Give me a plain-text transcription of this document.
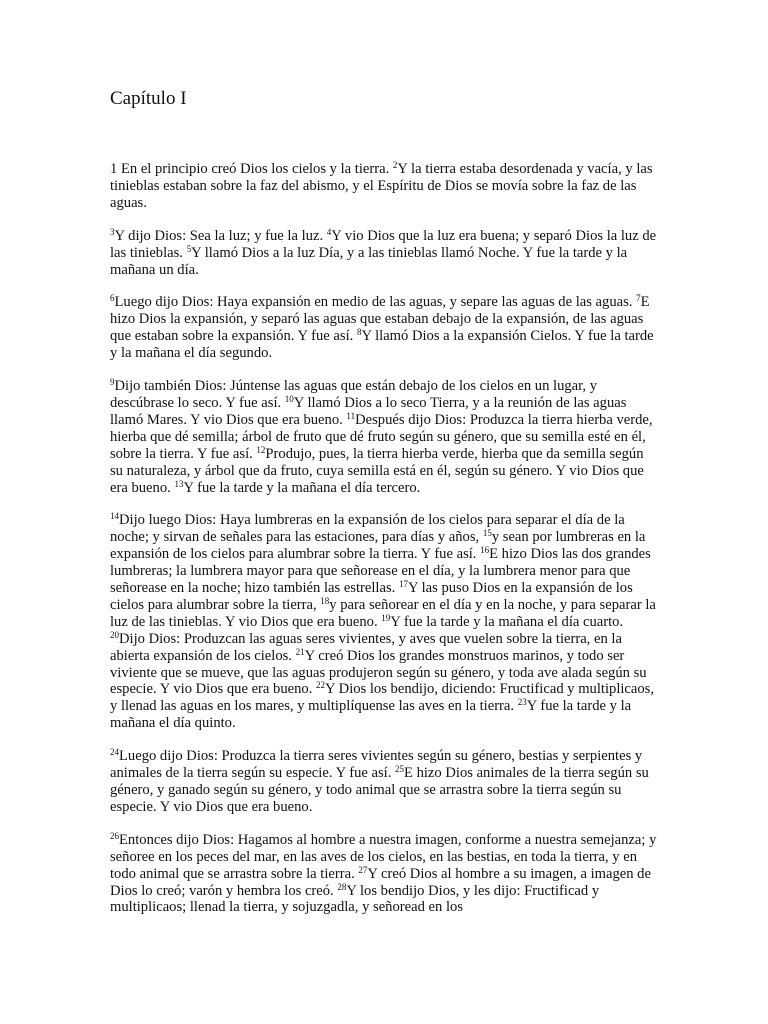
Capítulo I

1 En el principio creó Dios los cielos y la tierra. $^2$Y la tierra estaba desordenada y vacía, y las tinieblas estaban sobre la faz del abismo, y el Espíritu de Dios se movía sobre la faz de las aguas.

$^3$Y dijo Dios: Sea la luz; y fue la luz. $^4$Y vio Dios que la luz era buena; y separó Dios la luz de las tinieblas. $^5$Y llamó Dios a la luz Día, y a las tinieblas llamó Noche. Y fue la tarde y la mañana un día.

$^6$Luego dijo Dios: Haya expansión en medio de las aguas, y separe las aguas de las aguas. $^7$E hizo Dios la expansión, y separó las aguas que estaban debajo de la expansión, de las aguas que estaban sobre la expansión. Y fue así. $^8$Y llamó Dios a la expansión Cielos. Y fue la tarde y la mañana el día segundo.

$^9$Dijo también Dios: Júntense las aguas que están debajo de los cielos en un lugar, y descúbrase lo seco. Y fue así. $^{10}$Y llamó Dios a lo seco Tierra, y a la reunión de las aguas llamó Mares. Y vio Dios que era bueno. $^{11}$Después dijo Dios: Produzca la tierra hierba verde, hierba que dé semilla; árbol de fruto que dé fruto según su género, que su semilla esté en él, sobre la tierra. Y fue así. $^{12}$Produjo, pues, la tierra hierba verde, hierba que da semilla según su naturaleza, y árbol que da fruto, cuya semilla está en él, según su género. Y vio Dios que era bueno. $^{13}$Y fue la tarde y la mañana el día tercero.

$^{14}$Dijo luego Dios: Haya lumbreras en la expansión de los cielos para separar el día de la noche; y sirvan de señales para las estaciones, para días y años, $^{15}$y sean por lumbreras en la expansión de los cielos para alumbrar sobre la tierra. Y fue así. $^{16}$E hizo Dios las dos grandes lumbreras; la lumbrera mayor para que señorease en el día, y la lumbrera menor para que señorease en la noche; hizo también las estrellas. $^{17}$Y las puso Dios en la expansión de los cielos para alumbrar sobre la tierra, $^{18}$y para señorear en el día y en la noche, y para separar la luz de las tinieblas. Y vio Dios que era bueno. $^{19}$Y fue la tarde y la mañana el día cuarto. $^{20}$Dijo Dios: Produzcan las aguas seres vivientes, y aves que vuelen sobre la tierra, en la abierta expansión de los cielos. $^{21}$Y creó Dios los grandes monstruos marinos, y todo ser viviente que se mueve, que las aguas produjeron según su género, y toda ave alada según su especie. Y vio Dios que era bueno. $^{22}$Y Dios los bendijo, diciendo: Fructificad y multiplicaos, y llenad las aguas en los mares, y multiplíquense las aves en la tierra. $^{23}$Y fue la tarde y la mañana el día quinto.

$^{24}$Luego dijo Dios: Produzca la tierra seres vivientes según su género, bestias y serpientes y animales de la tierra según su especie. Y fue así. $^{25}$E hizo Dios animales de la tierra según su género, y ganado según su género, y todo animal que se arrastra sobre la tierra según su especie. Y vio Dios que era bueno.

$^{26}$Entonces dijo Dios: Hagamos al hombre a nuestra imagen, conforme a nuestra semejanza; y señoree en los peces del mar, en las aves de los cielos, en las bestias, en toda la tierra, y en todo animal que se arrastra sobre la tierra. $^{27}$Y creó Dios al hombre a su imagen, a imagen de Dios lo creó; varón y hembra los creó. $^{28}$Y los bendijo Dios, y les dijo: Fructificad y multiplicaos; llenad la tierra, y sojuzgadla, y señoread en los
